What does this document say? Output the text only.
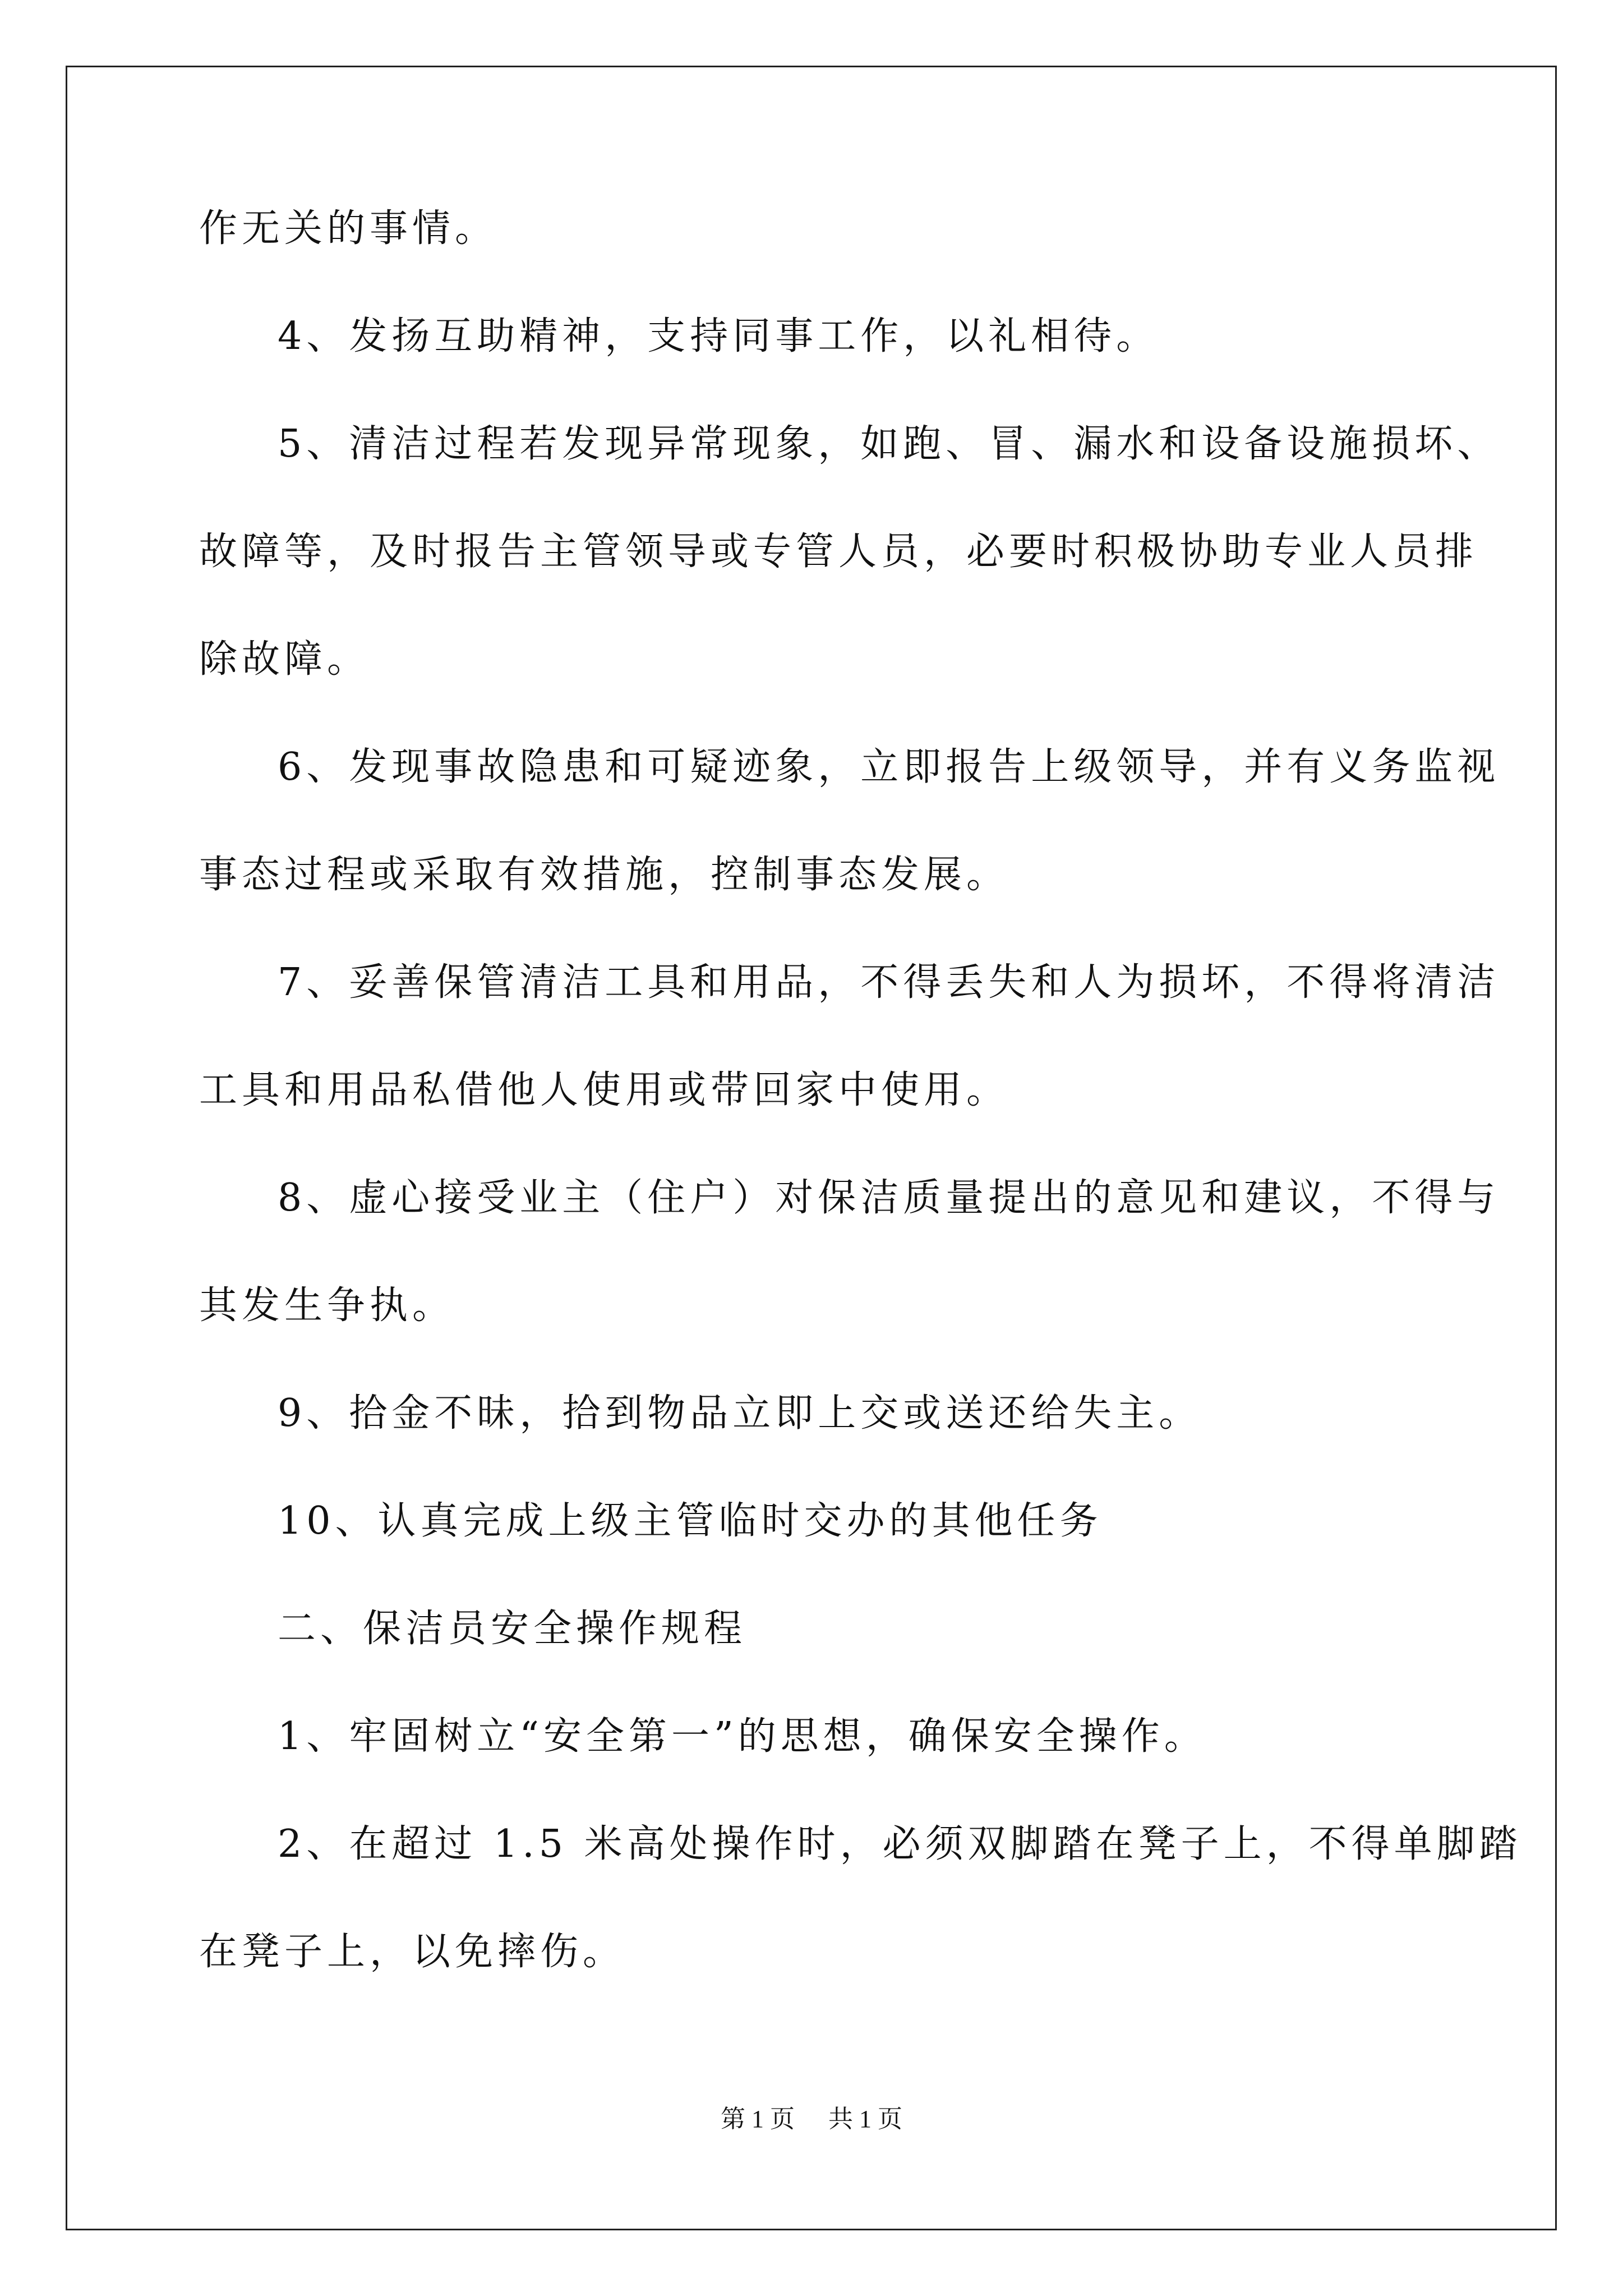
作无关的事情。
4、发扬互助精神，支持同事工作，以礼相待。
5、清洁过程若发现异常现象，如跑、冒、漏水和设备设施损坏、
故障等，及时报告主管领导或专管人员，必要时积极协助专业人员排
除故障。
6、发现事故隐患和可疑迹象，立即报告上级领导，并有义务监视
事态过程或采取有效措施，控制事态发展。
7、妥善保管清洁工具和用品，不得丢失和人为损坏，不得将清洁
工具和用品私借他人使用或带回家中使用。
8、虚心接受业主（住户）对保洁质量提出的意见和建议，不得与
其发生争执。
9、拾金不昧，拾到物品立即上交或送还给失主。
10、认真完成上级主管临时交办的其他任务
二、保洁员安全操作规程
1、牢固树立“安全第一”的思想，确保安全操作。
2、在超过 1.5 米高处操作时，必须双脚踏在凳子上，不得单脚踏
在凳子上，以免摔伤。
第 1 页 共 1 页
